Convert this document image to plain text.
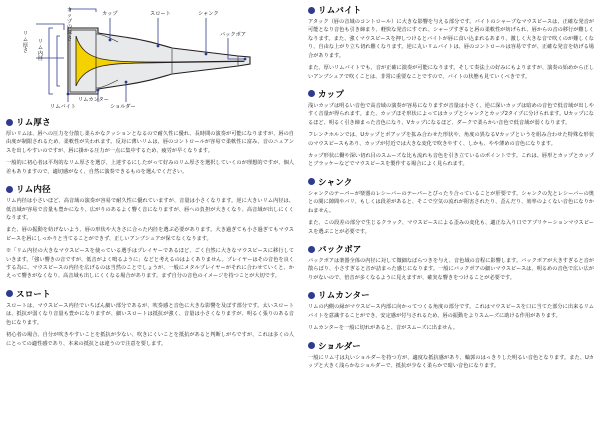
カップ	スロート	シャンク
バックボア
ショルダー
リムバイト
リムカンター
リム厚さ
リム内径
カップの深さ
リム厚さ

厚いリムは、唇への圧力を分散し柔らかなクッションとなるので耐久性に優れ、長時間の演奏が可能になりますが、唇の自由度が制限されるため、柔軟性が失われます。反対に薄いリムは、唇のコントロールが容易で柔軟性に富み、音のニュアンスを出しやすいのですが、唇に掛かる圧力が一点に集中するため、疲労が早くなります。

一般的に初心者は平均的なリム厚さを選び、上達するにしたがって好みのリム厚さを選択していくのが理想的ですが、個人差もありますので、適切感がなく、自然に演奏できるものを選んでください。

リム内径

リム内径は小さいほど、高音域の演奏が容易で耐久性に優れていますが、音量は小さくなります。逆に大きいリム内径は、低音域が容易で音量も豊かになり、広がりのあるよく響く音になりますが、唇への負担が大きくなり、高音域が出しにくくなります。

また、唇の振動を妨げないよう、唇の形状や大きさに合った内径を選ぶ必要があります。大き過ぎても小さ過ぎてもマウスピースを唇にしっかりと当てることができず、正しいアンブシュアが保てなくなります。

※「リム内径の大きなマウスピースを使っている選手はプレイヤーであるほど、ごく自然に大きなマウスピースに移行していきます。「強い響きの音ですが、低音がよく鳴るように」などと考えるのはよくありません。プレイヤーはその音色を良くする為に、マウスピースの内径を広げるのは当然のことでしょうが、一般にメタルプレイヤーがそれに合わせていくと、かえって響きがなくなり、高音域も出しにくくなる場合があります。まず自分の音色のイメージを持つことが大切です。

スロート

スロートは、マウスピース内径でいちばん細い部分であるが、吹奏感と音色に大きな影響を及ぼす部分です。太いスロートは、抵抗が弱くなり音量も豊かになりますが、細いスロートは抵抗が強く、音量は小さくなりますが、明るく張りのある音色になります。

初心者の場合、自分が吹きやすいことを抵抗が少ない、吹きにくいことを抵抗があると判断しがちですが、これは多くの人にとっての適性感であり、本来の抵抗とは違うので注意を要します。

リムバイト

アタック（唇の音域のコントロール）に大きな影響を与える部分です。バイトのシャープなマウスピースは、正確な発音が可能となり音色も引き締まり、軽快な発音にすぐれ、シャープすぎると唇の柔軟性が妨げられ、唇からの音の移行が難しくなります。また、強くマウスピースを押しつけるとバイトが唇に食い込まれるあまり、激しく大きな音で吹くのが難しくなり、自由な上がり立ち切れ難くなります。逆に丸いリムバイトは、唇のコントロールは容易ですが、正確な発音を妨げる場合があります。

また、厚いリムバイトでも、音が正確に演奏が可能になります。そして奏法上の好みにもよりますが、演奏の始めから正しいアンブシュアで吹くことは、非常に重要なことですので、バイトの状態も見ていくべきです。

カップ

浅いカップは明るい音色で高音域の演奏が容易になりますが音量は小さく、逆に深いカップは暗めの音色で低音域が出しやすく音量が得られます。また、カップほそ形状によってはカップとシャンクとカップ2タイプに分けられます。Uカップになるほど、明るく引き締まった音色になり、Vカップになるほど、ダークで柔らかい音色で低音域が弱くなります。

フレンチホルンでは、Uカップとボアップを拡み合わせた形状や、角度の異なるVカップというを組み合わせた特殊な形状のマウスピースもあり、カップが付近では大きな変化で吹きやすく、しかも、やや薄めの音色になります。

カップ形状に働や深い切れ目のスムーズな比も流れも音色を引き立ているのポイントです。これは、唇形とカップとカップとブラッケーなどでマウスピースを製作する場合によく見られます。

シャンク

シャンクのテーパーが楽器のレシーバーのテーパーとぴったり合っていることが肝要です。シャンクの先とレシーバーの奥との間に隙間やバリ、もしくは段差があると、そこで空気の流れが阻害されたり、歪んだり、効率のよくない音色になりかねません。

また、この段差の部分で生じるクラック、マウスピースによる歪みの変化も、適正な入り口でアプリケーションマウスピースを選ぶことが必要です。

バックボア

バックボアは楽器全体の内径に対して微細なばらつきを与え、音色域の音程に影響します。バックボアが大きすぎると音が散らばり、小さすぎると音が詰まった感じになります。一般にバックボアの細いマウスピースは、明るめの音色で広い広がりがないので、倍音が多くなるように見えますが、確実な響きをつけることが必要です。

リムカンター

リムの内側の縁がマウスピース内部に向かってつくる角度の部分です。これはマウスピースを口に当てた部分に出来るリムバイトを意識することができ、安定感が付与されるため、唇の振動をよりスムーズに助ける作用があります。

リムカンターを一般に切れがあると、音がスムーズに出ません。

ショルダー

一般にリム寸は丸いショルダーを持つ方が、適度な抵抗感があり、輪郭のはっきりした明るい音色となります。また、Uカップと大きく浅らかなショルダーで、抵抗が少なく柔らかで暗い音色になります。
